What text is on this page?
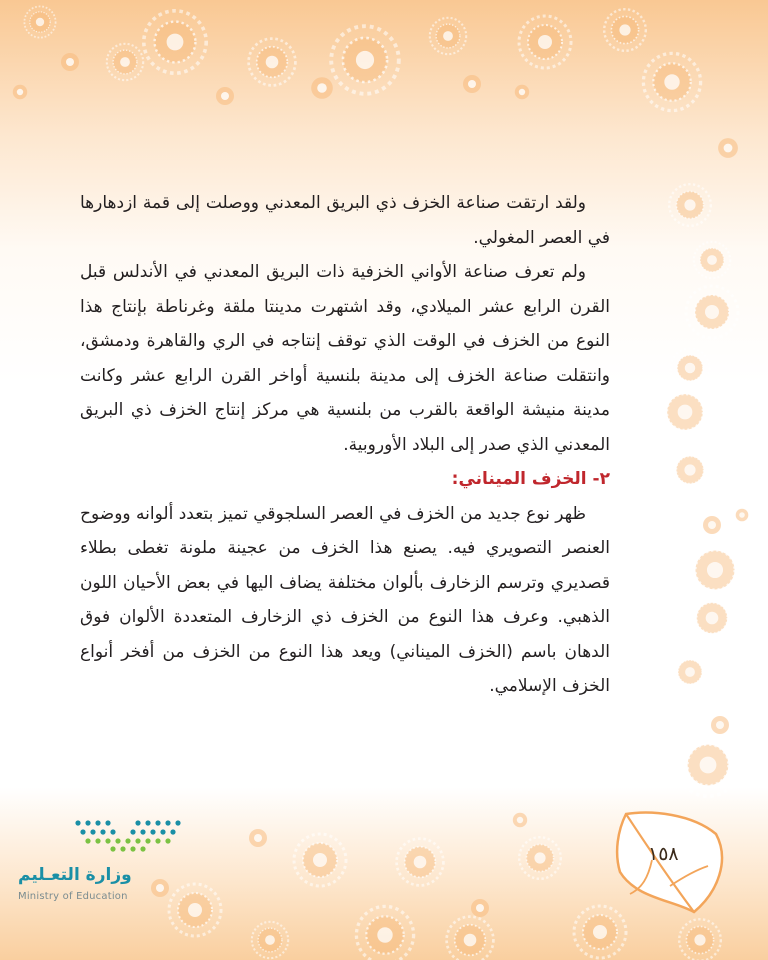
١٥٨

ولقد ارتقت صناعة الخزف ذي البريق المعدني ووصلت إلى قمة ازدهارها في العصر المغولي.

ولم تعرف صناعة الأواني الخزفية ذات البريق المعدني في الأندلس قبل القرن الرابع عشر الميلادي، وقد اشتهرت مدينتا ملقة وغرناطة بإنتاج هذا النوع من الخزف في الوقت الذي توقف إنتاجه في الري والقاهرة ودمشق، وانتقلت صناعة الخزف إلى مدينة بلنسية أواخر القرن الرابع عشر وكانت مدينة منيشة الواقعة بالقرب من بلنسية هي مركز إنتاج الخزف ذي البريق المعدني الذي صدر إلى البلاد الأوروبية.

٢- الخزف الميناني:

ظهر نوع جديد من الخزف في العصر السلجوقي تميز بتعدد ألوانه ووضوح العنصر التصويري فيه. يصنع هذا الخزف من عجينة ملونة تغطى بطلاء قصديري وترسم الزخارف بألوان مختلفة يضاف اليها في بعض الأحيان اللون الذهبي. وعرف هذا النوع من الخزف ذي الزخارف المتعددة الألوان فوق الدهان باسم (الخزف الميناني) ويعد هذا النوع من الخزف من أفخر أنواع الخزف الإسلامي.

وزارة التعـليم
Ministry of Education
